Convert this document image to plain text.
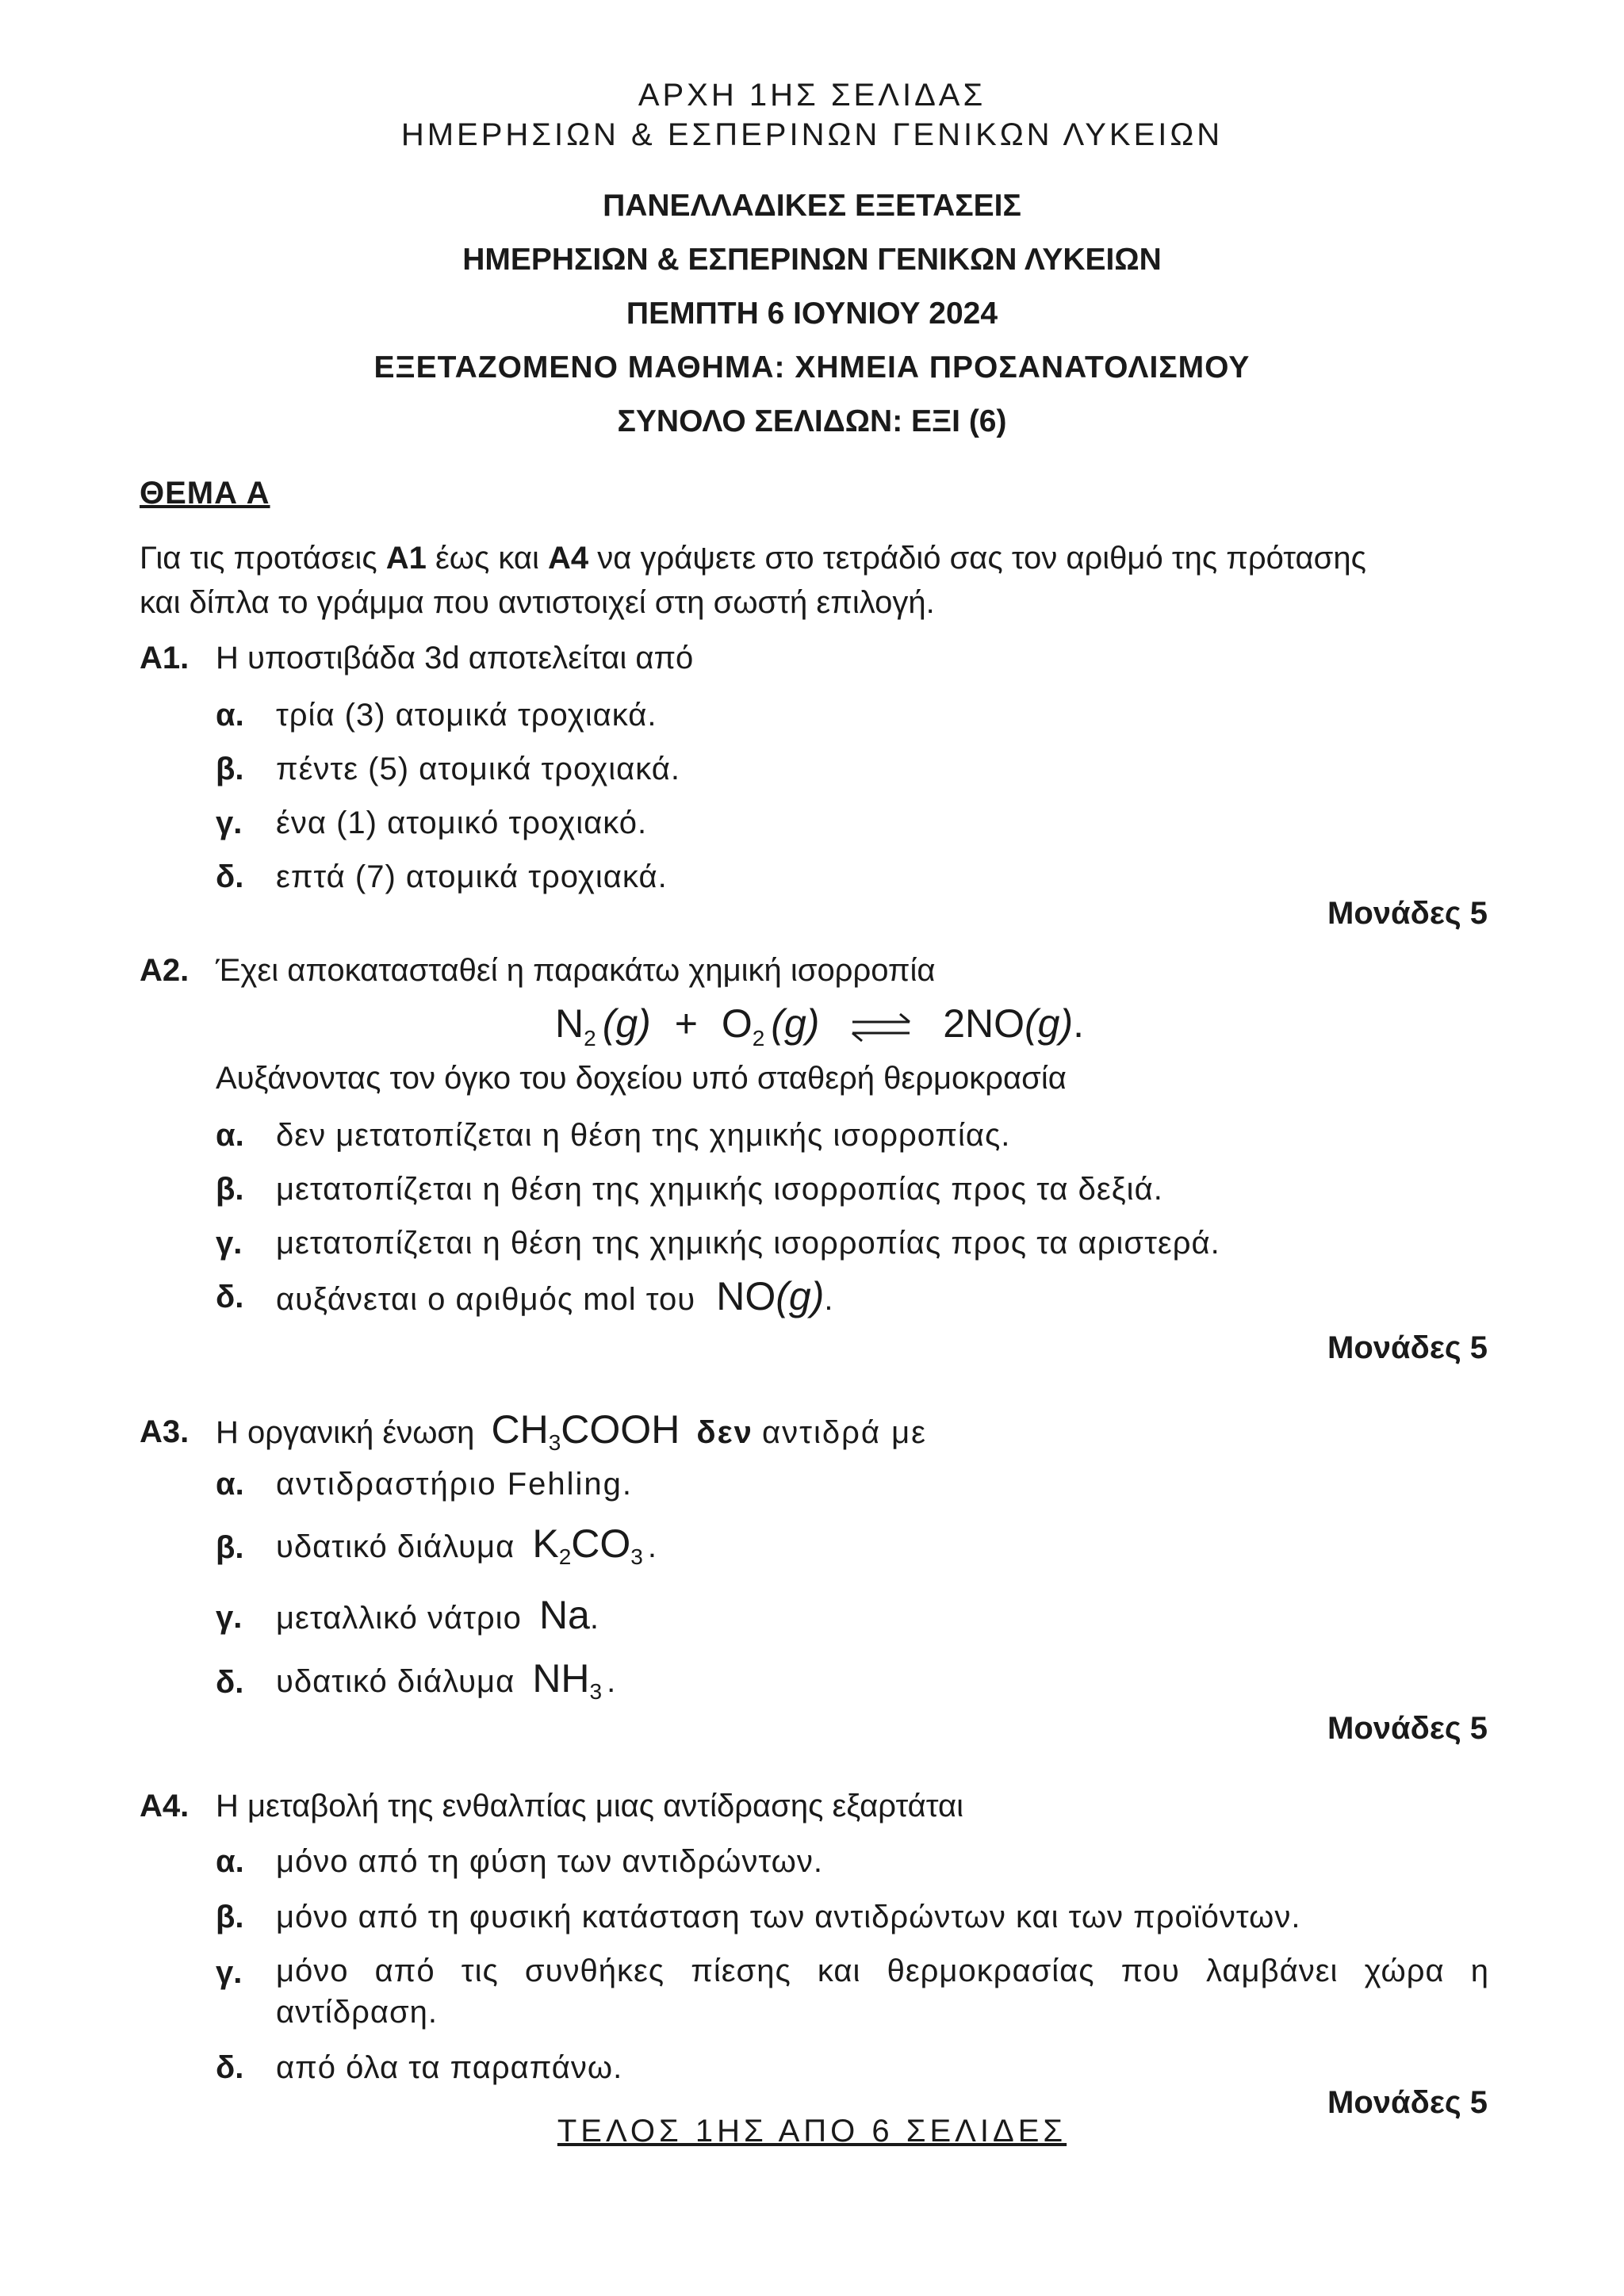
ΑΡΧΗ 1ΗΣ ΣΕΛΙΔΑΣ
ΗΜΕΡΗΣΙΩΝ & ΕΣΠΕΡΙΝΩΝ ΓΕΝΙΚΩΝ ΛΥΚΕΙΩΝ
ΠΑΝΕΛΛΑΔΙΚΕΣ ΕΞΕΤΑΣΕΙΣ
ΗΜΕΡΗΣΙΩΝ & ΕΣΠΕΡΙΝΩΝ ΓΕΝΙΚΩΝ ΛΥΚΕΙΩΝ
ΠΕΜΠΤΗ 6 ΙΟΥΝΙΟΥ 2024
ΕΞΕΤΑΖΟΜΕΝΟ ΜΑΘΗΜΑ: ΧΗΜΕΙΑ ΠΡΟΣΑΝΑΤΟΛΙΣΜΟΥ
ΣΥΝΟΛΟ ΣΕΛΙΔΩΝ: ΕΞΙ (6)
ΘΕΜΑ Α
Για τις προτάσεις Α1 έως και Α4 να γράψετε στο τετράδιό σας τον αριθμό της πρότασης
και δίπλα το γράμμα που αντιστοιχεί στη σωστή επιλογή.
Α1. Η υποστιβάδα 3d αποτελείται από
α. τρία (3) ατομικά τροχιακά.
β. πέντε (5) ατομικά τροχιακά.
γ. ένα (1) ατομικό τροχιακό.
δ. επτά (7) ατομικά τροχιακά.
Μονάδες 5
Α2. Έχει αποκατασταθεί η παρακάτω χημική ισορροπία
$N_2$ $(g) + O_2$ (g) ⇌ 2NO(g).
Αυξάνοντας τον όγκο του δοχείου υπό σταθερή θερμοκρασία
α. δεν μετατοπίζεται η θέση της χημικής ισορροπίας.
β. μετατοπίζεται η θέση της χημικής ισορροπίας προς τα δεξιά.
γ. μετατοπίζεται η θέση της χημικής ισορροπίας προς τα αριστερά.
δ. αυξάνεται ο αριθμός mol του NO(g).
Μονάδες 5
Α3. Η οργανική ένωση $CH_3COOH$ δεν αντιδρά με
α. αντιδραστήριο Fehling.
β. υδατικό διάλυμα $K_2CO_3$ .
γ. μεταλλικό νάτριο Na.
δ. υδατικό διάλυμα $NH_3$ .
Μονάδες 5
Α4. Η μεταβολή της ενθαλπίας μιας αντίδρασης εξαρτάται
α. μόνο από τη φύση των αντιδρώντων.
β. μόνο από τη φυσική κατάσταση των αντιδρώντων και των προϊόντων.
γ. μόνο από τις συνθήκες πίεσης και θερμοκρασίας που λαμβάνει χώρα η αντίδραση.
δ. από όλα τα παραπάνω.
Μονάδες 5
ΤΕΛΟΣ 1ΗΣ ΑΠΟ 6 ΣΕΛΙΔΕΣ
